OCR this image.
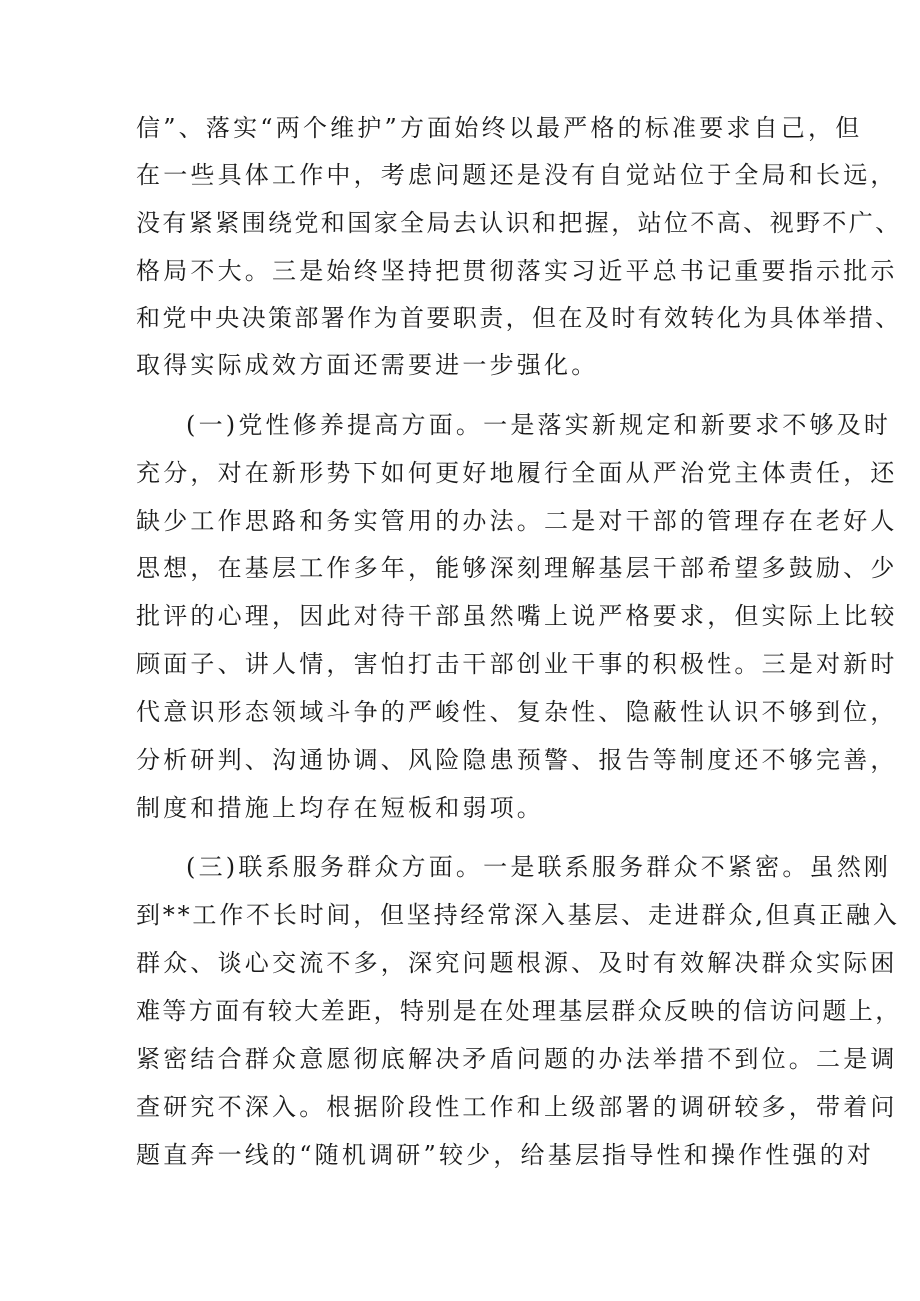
信”、落实“两个维护”方面始终以最严格的标准要求自己，但
在一些具体工作中，考虑问题还是没有自觉站位于全局和长远，
没有紧紧围绕党和国家全局去认识和把握，站位不高、视野不广、
格局不大。三是始终坚持把贯彻落实习近平总书记重要指示批示
和党中央决策部署作为首要职责，但在及时有效转化为具体举措、
取得实际成效方面还需要进一步强化。
(一)党性修养提高方面。一是落实新规定和新要求不够及时
充分，对在新形势下如何更好地履行全面从严治党主体责任，还
缺少工作思路和务实管用的办法。二是对干部的管理存在老好人
思想，在基层工作多年，能够深刻理解基层干部希望多鼓励、少
批评的心理，因此对待干部虽然嘴上说严格要求，但实际上比较
顾面子、讲人情，害怕打击干部创业干事的积极性。三是对新时
代意识形态领域斗争的严峻性、复杂性、隐蔽性认识不够到位，
分析研判、沟通协调、风险隐患预警、报告等制度还不够完善，
制度和措施上均存在短板和弱项。
(三)联系服务群众方面。一是联系服务群众不紧密。虽然刚
到**工作不长时间，但坚持经常深入基层、走进群众,但真正融入
群众、谈心交流不多，深究问题根源、及时有效解决群众实际困
难等方面有较大差距，特别是在处理基层群众反映的信访问题上，
紧密结合群众意愿彻底解决矛盾问题的办法举措不到位。二是调
查研究不深入。根据阶段性工作和上级部署的调研较多，带着问
题直奔一线的“随机调研”较少，给基层指导性和操作性强的对
